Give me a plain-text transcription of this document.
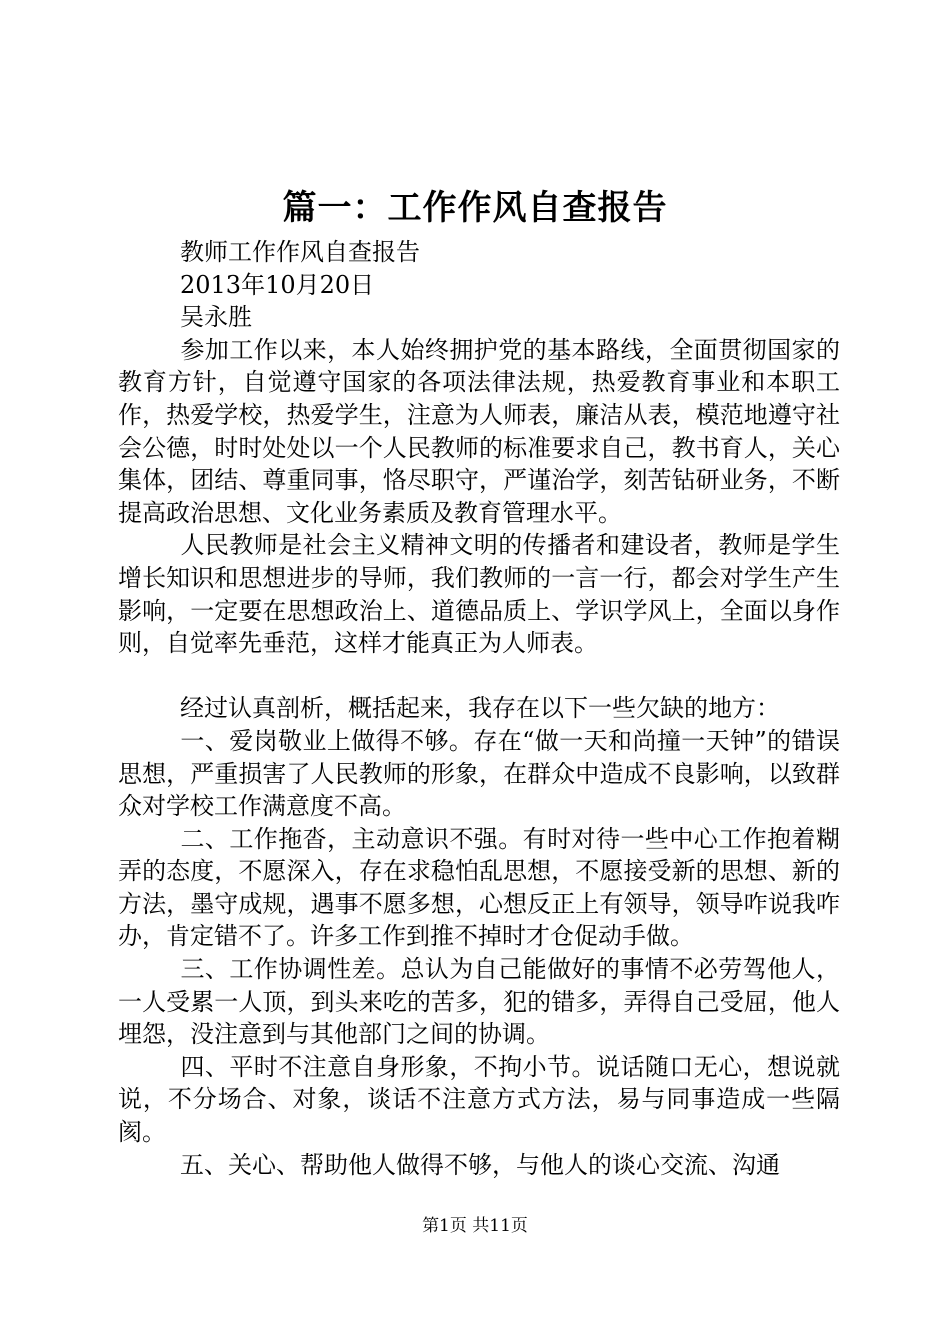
篇一：工作作风自查报告
教师工作作风自查报告
2013年10月20日
吴永胜
参加工作以来，本人始终拥护党的基本路线，全面贯彻国家的教育方针，自觉遵守国家的各项法律法规，热爱教育事业和本职工作，热爱学校，热爱学生，注意为人师表，廉洁从表，模范地遵守社会公德，时时处处以一个人民教师的标准要求自己，教书育人，关心集体，团结、尊重同事，恪尽职守，严谨治学，刻苦钻研业务，不断提高政治思想、文化业务素质及教育管理水平。
人民教师是社会主义精神文明的传播者和建设者，教师是学生增长知识和思想进步的导师，我们教师的一言一行，都会对学生产生影响，一定要在思想政治上、道德品质上、学识学风上，全面以身作则，自觉率先垂范，这样才能真正为人师表。
经过认真剖析，概括起来，我存在以下一些欠缺的地方：
一、爱岗敬业上做得不够。存在“做一天和尚撞一天钟”的错误思想，严重损害了人民教师的形象，在群众中造成不良影响，以致群众对学校工作满意度不高。
二、工作拖沓，主动意识不强。有时对待一些中心工作抱着糊弄的态度，不愿深入，存在求稳怕乱思想，不愿接受新的思想、新的方法，墨守成规，遇事不愿多想，心想反正上有领导，领导咋说我咋办，肯定错不了。许多工作到推不掉时才仓促动手做。
三、工作协调性差。总认为自己能做好的事情不必劳驾他人，一人受累一人顶，到头来吃的苦多，犯的错多，弄得自己受屈，他人埋怨，没注意到与其他部门之间的协调。
四、平时不注意自身形象，不拘小节。说话随口无心，想说就说，不分场合、对象，谈话不注意方式方法，易与同事造成一些隔阂。
五、关心、帮助他人做得不够，与他人的谈心交流、沟通
第1页 共11页
